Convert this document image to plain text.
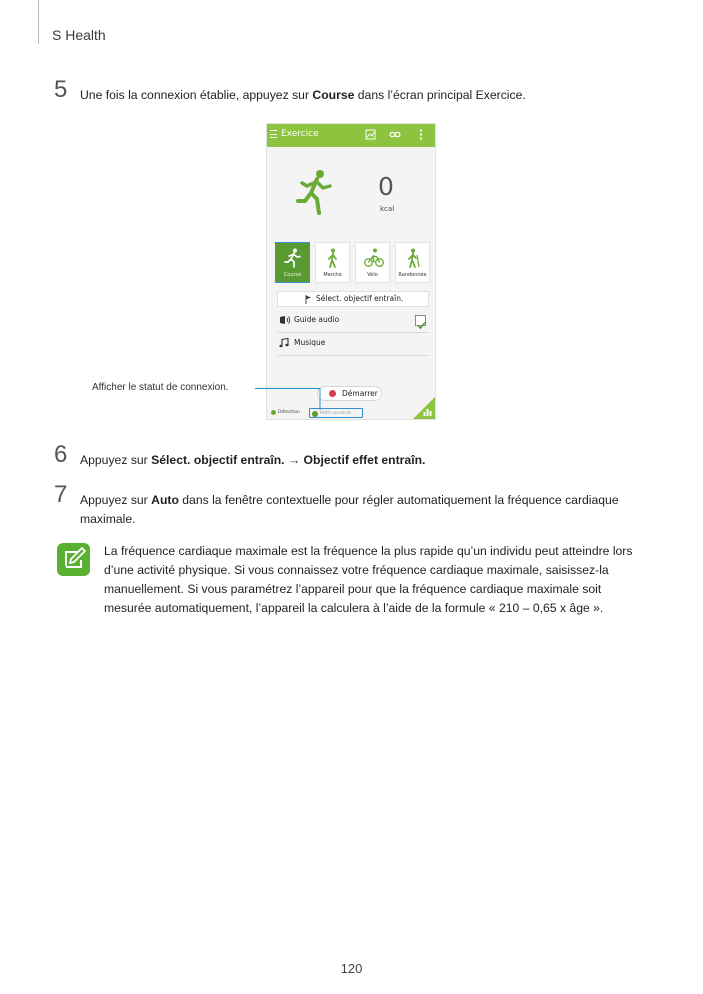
S Health
5 Une fois la connexion établie, appuyez sur Course dans l’écran principal Exercice.
Exercice
0
kcal
Course	Marche	Vélo	Randonnée
Sélect. objectif entraîn.
Guide audio
Musique
Démarrer
Détection	HRM connecté
Afficher le statut de connexion.
6 Appuyez sur Sélect. objectif entraîn. → Objectif effet entraîn.
7 Appuyez sur Auto dans la fenêtre contextuelle pour régler automatiquement la fréquence cardiaque maximale.
La fréquence cardiaque maximale est la fréquence la plus rapide qu’un individu peut atteindre lors d’une activité physique. Si vous connaissez votre fréquence cardiaque maximale, saisissez-la manuellement. Si vous paramétrez l’appareil pour que la fréquence cardiaque maximale soit mesurée automatiquement, l’appareil la calculera à l’aide de la formule « 210 – 0,65 x âge ».
120
